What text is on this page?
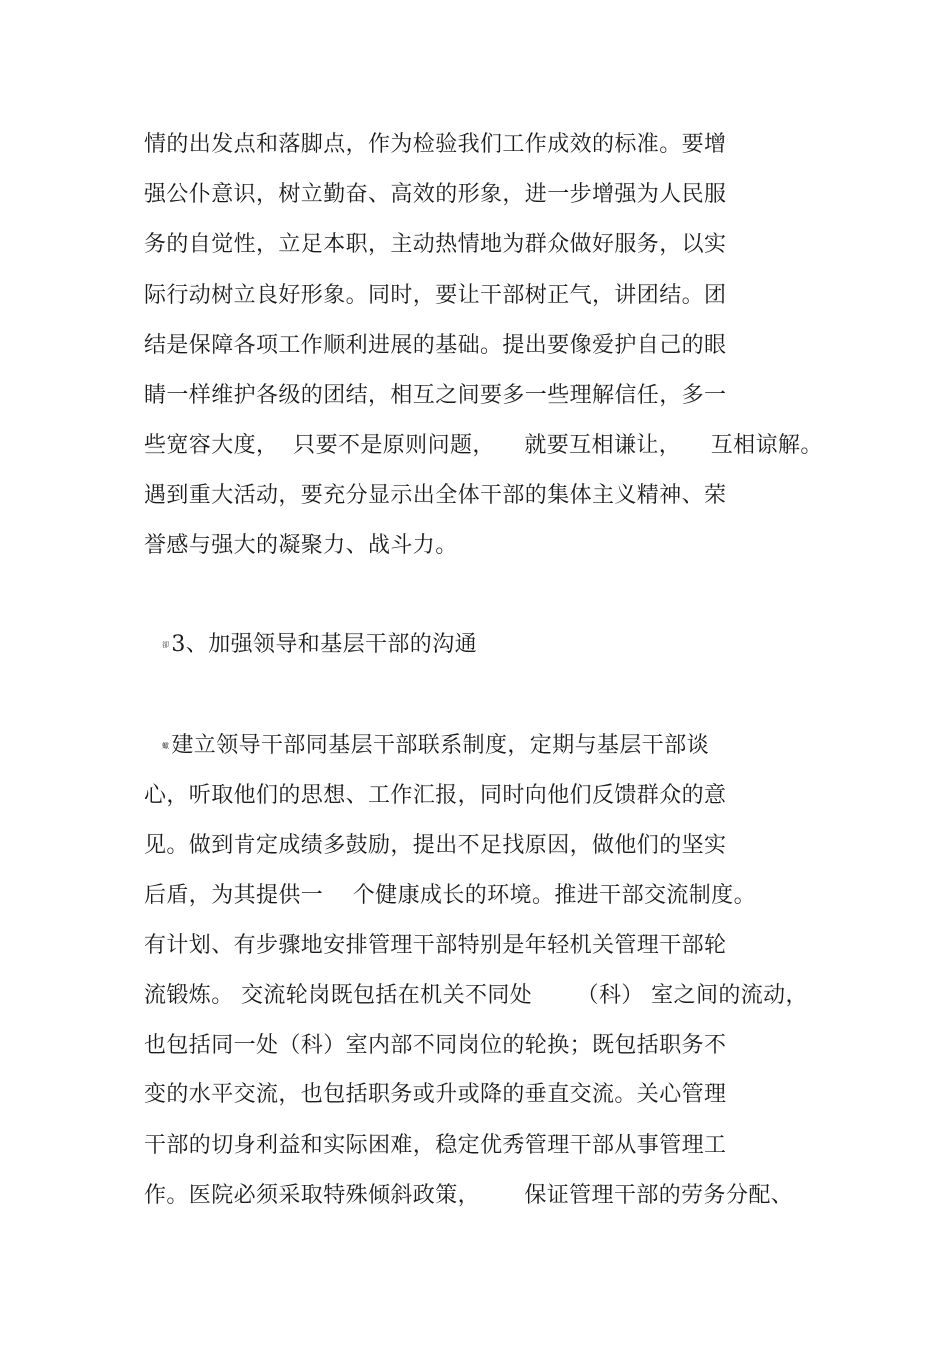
情的出发点和落脚点，作为检验我们工作成效的标准。要增
强公仆意识，树立勤奋、高效的形象，进一步增强为人民服
务的自觉性，立足本职，主动热情地为群众做好服务，以实
际行动树立良好形象。同时，要让干部树正气，讲团结。团
结是保障各项工作顺利进展的基础。提出要像爱护自己的眼
睛一样维护各级的团结，相互之间要多一些理解信任，多一
些宽容大度，  只要不是原则问题，    就要互相谦让，    互相谅解。
遇到重大活动，要充分显示出全体干部的集体主义精神、荣
誉感与强大的凝聚力、战斗力。
卻3、加强领导和基层干部的沟通
蠍建立领导干部同基层干部联系制度，定期与基层干部谈
心，听取他们的思想、工作汇报，同时向他们反馈群众的意
见。做到肯定成绩多鼓励，提出不足找原因，做他们的坚实
后盾，为其提供一    个健康成长的环境。推进干部交流制度。
有计划、有步骤地安排管理干部特别是年轻机关管理干部轮
流锻炼。 交流轮岗既包括在机关不同处      （科） 室之间的流动，
也包括同一处（科）室内部不同岗位的轮换；既包括职务不
变的水平交流，也包括职务或升或降的垂直交流。关心管理
干部的切身利益和实际困难，稳定优秀管理干部从事管理工
作。医院必须采取特殊倾斜政策，      保证管理干部的劳务分配、
